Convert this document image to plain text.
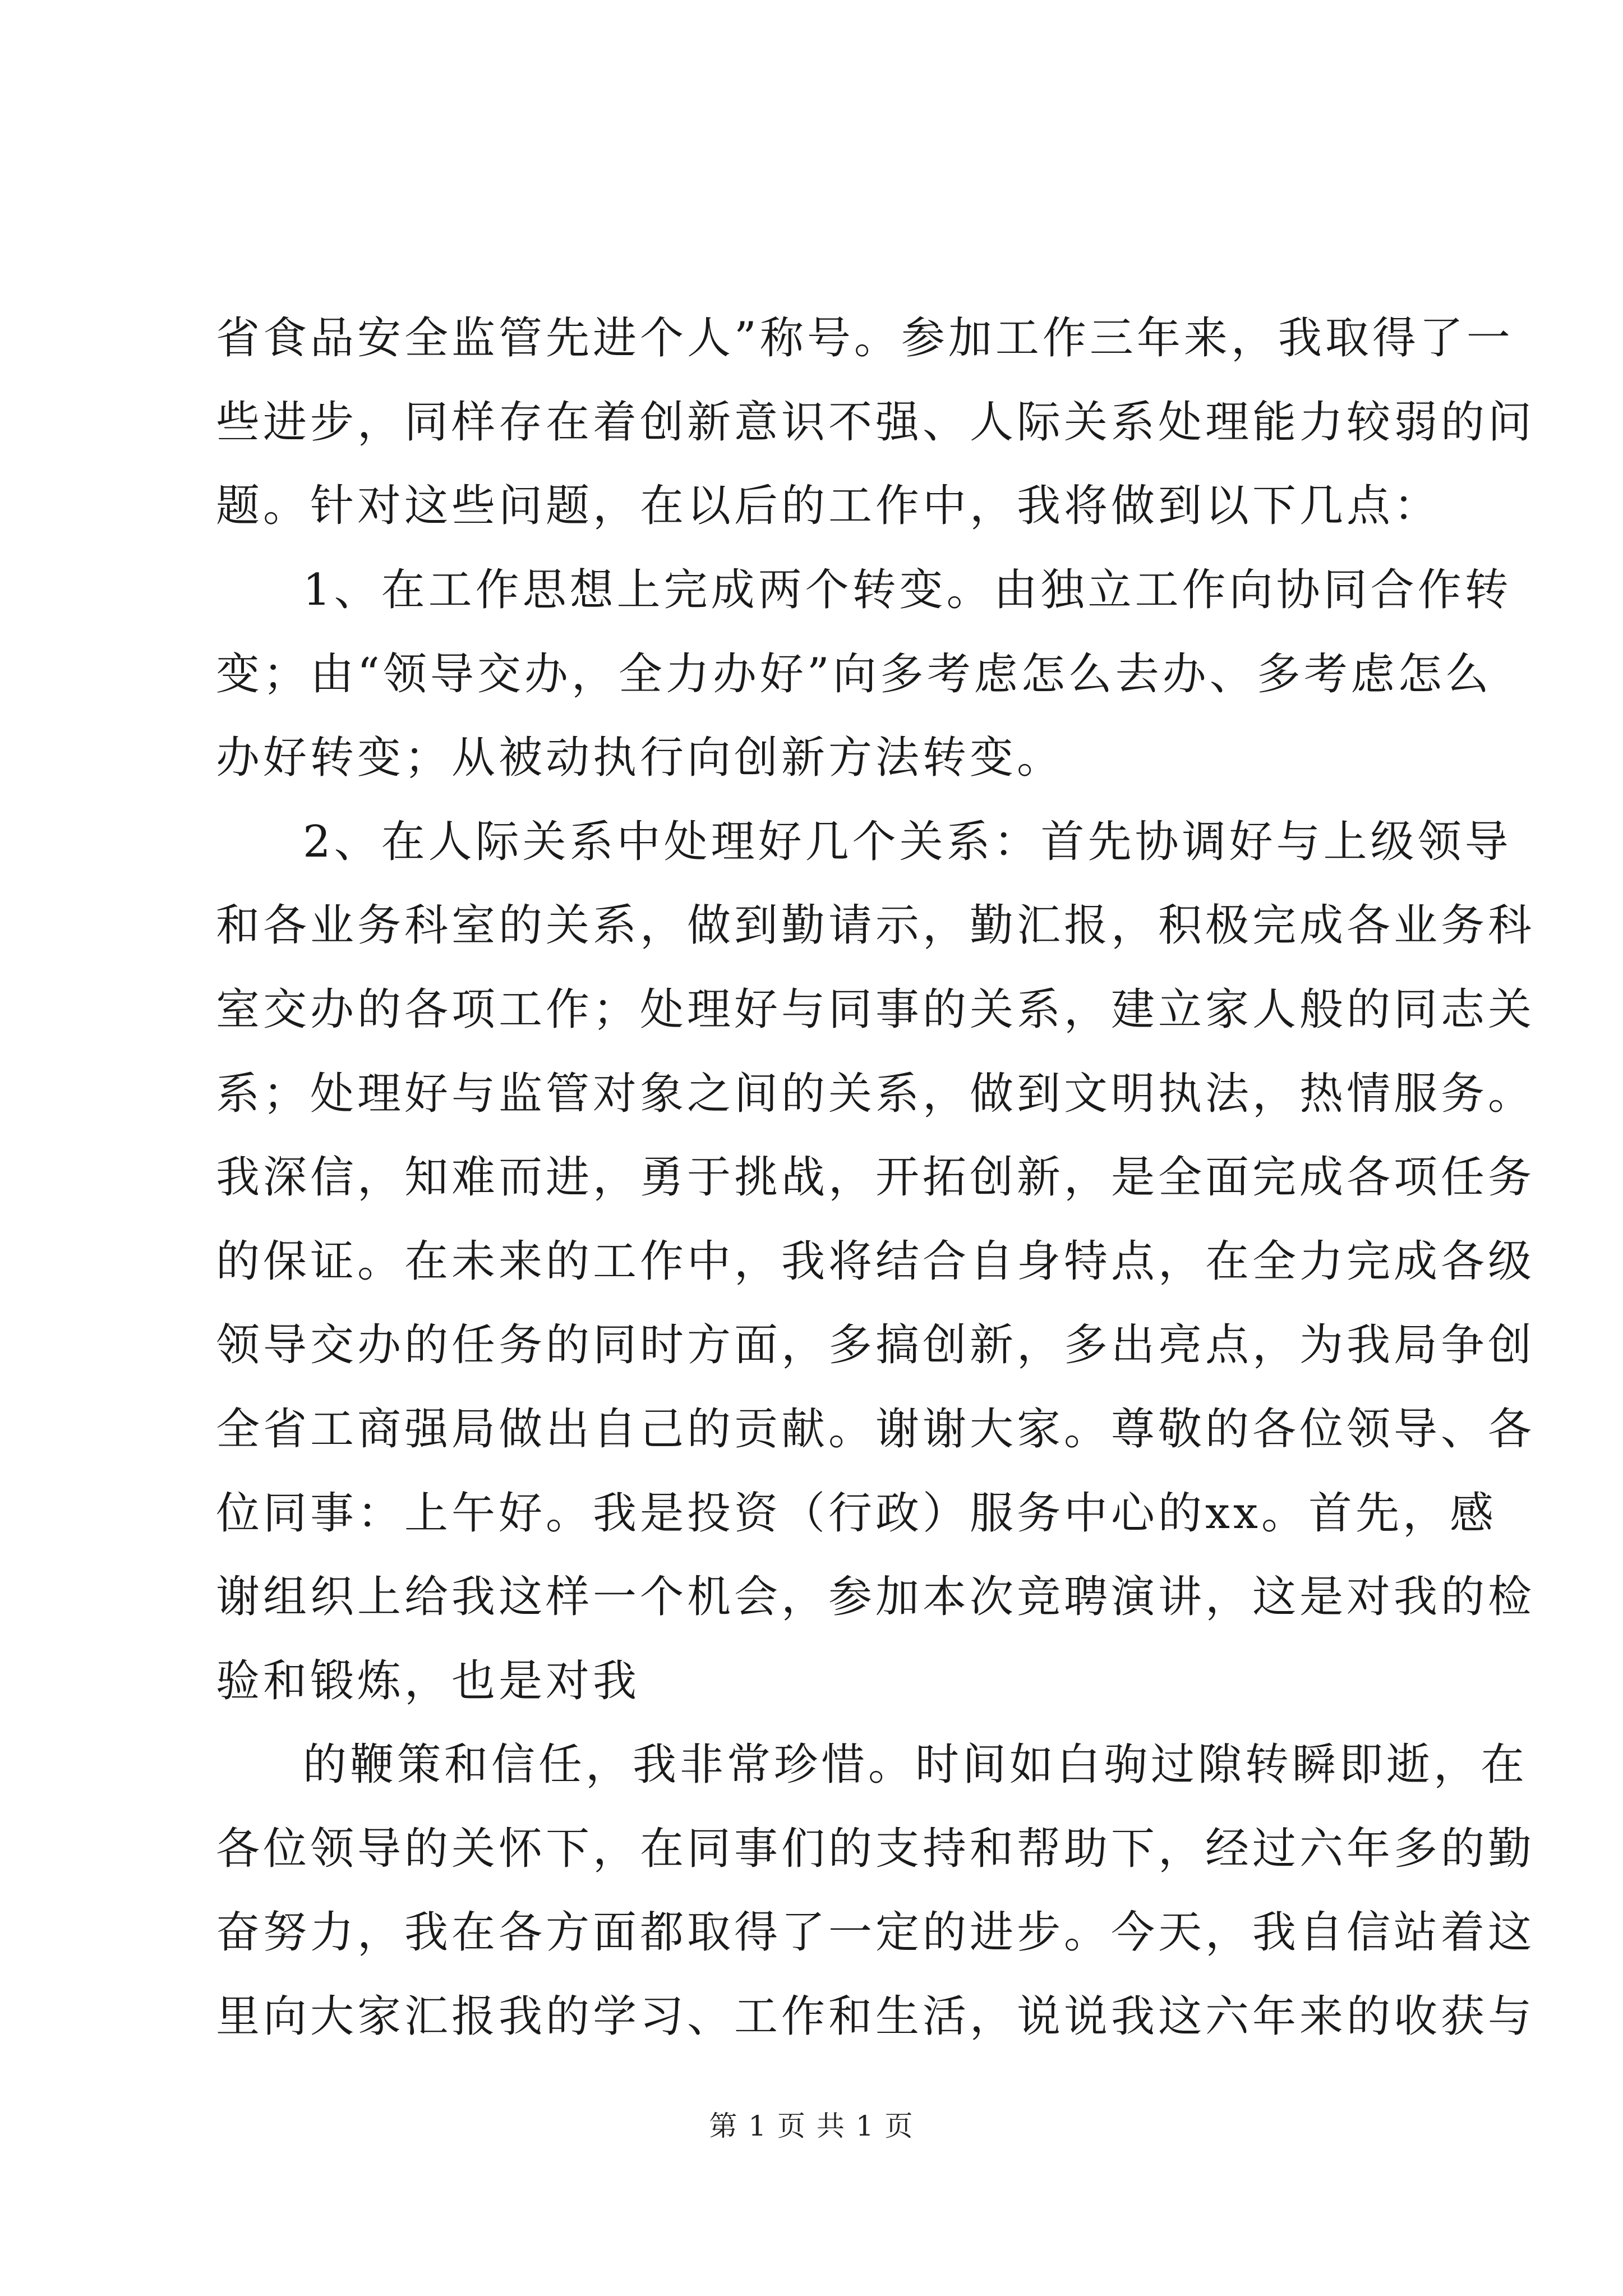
省食品安全监管先进个人”称号。参加工作三年来，我取得了一
些进步，同样存在着创新意识不强、人际关系处理能力较弱的问
题。针对这些问题，在以后的工作中，我将做到以下几点：
1、在工作思想上完成两个转变。由独立工作向协同合作转
变；由“领导交办，全力办好”向多考虑怎么去办、多考虑怎么
办好转变；从被动执行向创新方法转变。
2、在人际关系中处理好几个关系：首先协调好与上级领导
和各业务科室的关系，做到勤请示，勤汇报，积极完成各业务科
室交办的各项工作；处理好与同事的关系，建立家人般的同志关
系；处理好与监管对象之间的关系，做到文明执法，热情服务。
我深信，知难而进，勇于挑战，开拓创新，是全面完成各项任务
的保证。在未来的工作中，我将结合自身特点，在全力完成各级
领导交办的任务的同时方面，多搞创新，多出亮点，为我局争创
全省工商强局做出自己的贡献。谢谢大家。尊敬的各位领导、各
位同事：上午好。我是投资（行政）服务中心的xx。首先，感
谢组织上给我这样一个机会，参加本次竞聘演讲，这是对我的检
验和锻炼，也是对我
的鞭策和信任，我非常珍惜。时间如白驹过隙转瞬即逝，在
各位领导的关怀下，在同事们的支持和帮助下，经过六年多的勤
奋努力，我在各方面都取得了一定的进步。今天，我自信站着这
里向大家汇报我的学习、工作和生活，说说我这六年来的收获与
第 1 页 共 1 页
